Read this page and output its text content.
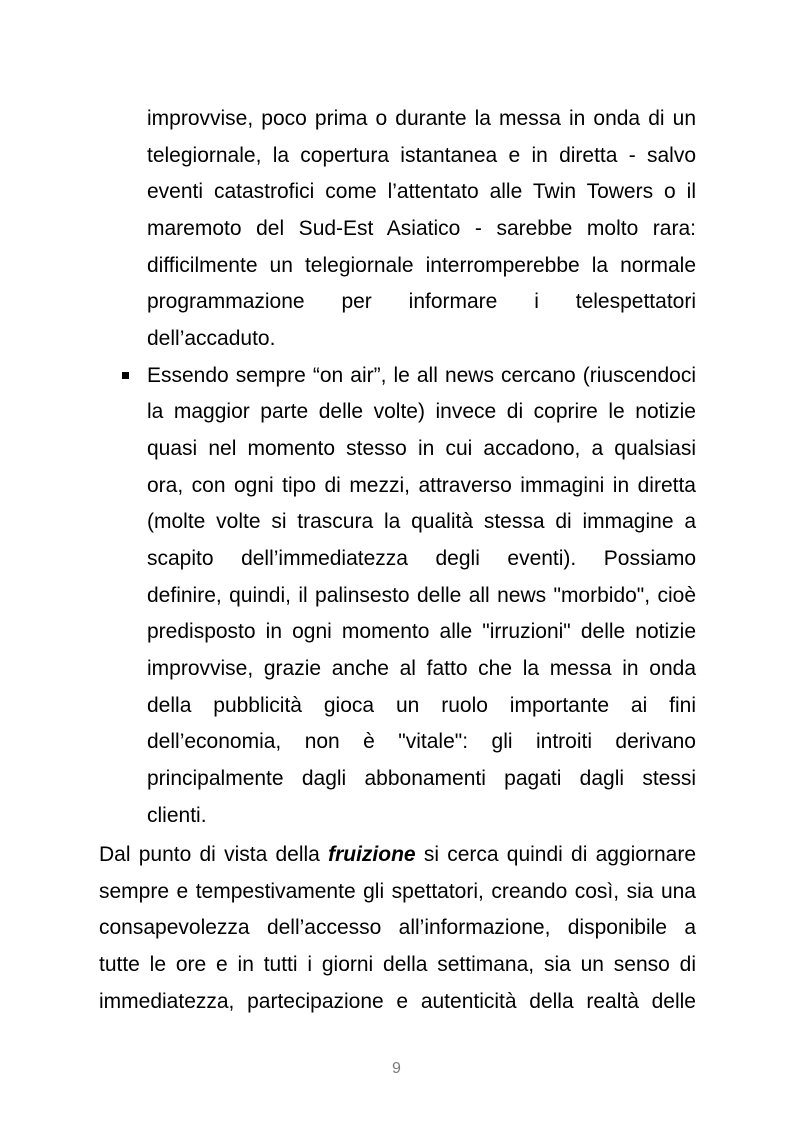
improvvise, poco prima o durante la messa in onda di un
telegiornale, la copertura istantanea e in diretta - salvo
eventi catastrofici come l’attentato alle Twin Towers o il
maremoto del Sud-Est Asiatico - sarebbe molto rara:
difficilmente un telegiornale interromperebbe la normale
programmazione per informare i telespettatori
dell’accaduto.
Essendo sempre “on air”, le all news cercano (riuscendoci
la maggior parte delle volte) invece di coprire le notizie
quasi nel momento stesso in cui accadono, a qualsiasi
ora, con ogni tipo di mezzi, attraverso immagini in diretta
(molte volte si trascura la qualità stessa di immagine a
scapito dell’immediatezza degli eventi). Possiamo
definire, quindi, il palinsesto delle all news "morbido", cioè
predisposto in ogni momento alle "irruzioni" delle notizie
improvvise, grazie anche al fatto che la messa in onda
della pubblicità gioca un ruolo importante ai fini
dell’economia, non è "vitale": gli introiti derivano
principalmente dagli abbonamenti pagati dagli stessi
clienti.
Dal punto di vista della fruizione si cerca quindi di aggiornare
sempre e tempestivamente gli spettatori, creando così, sia una
consapevolezza dell’accesso all’informazione, disponibile a
tutte le ore e in tutti i giorni della settimana, sia un senso di
immediatezza, partecipazione e autenticità della realtà delle
9
